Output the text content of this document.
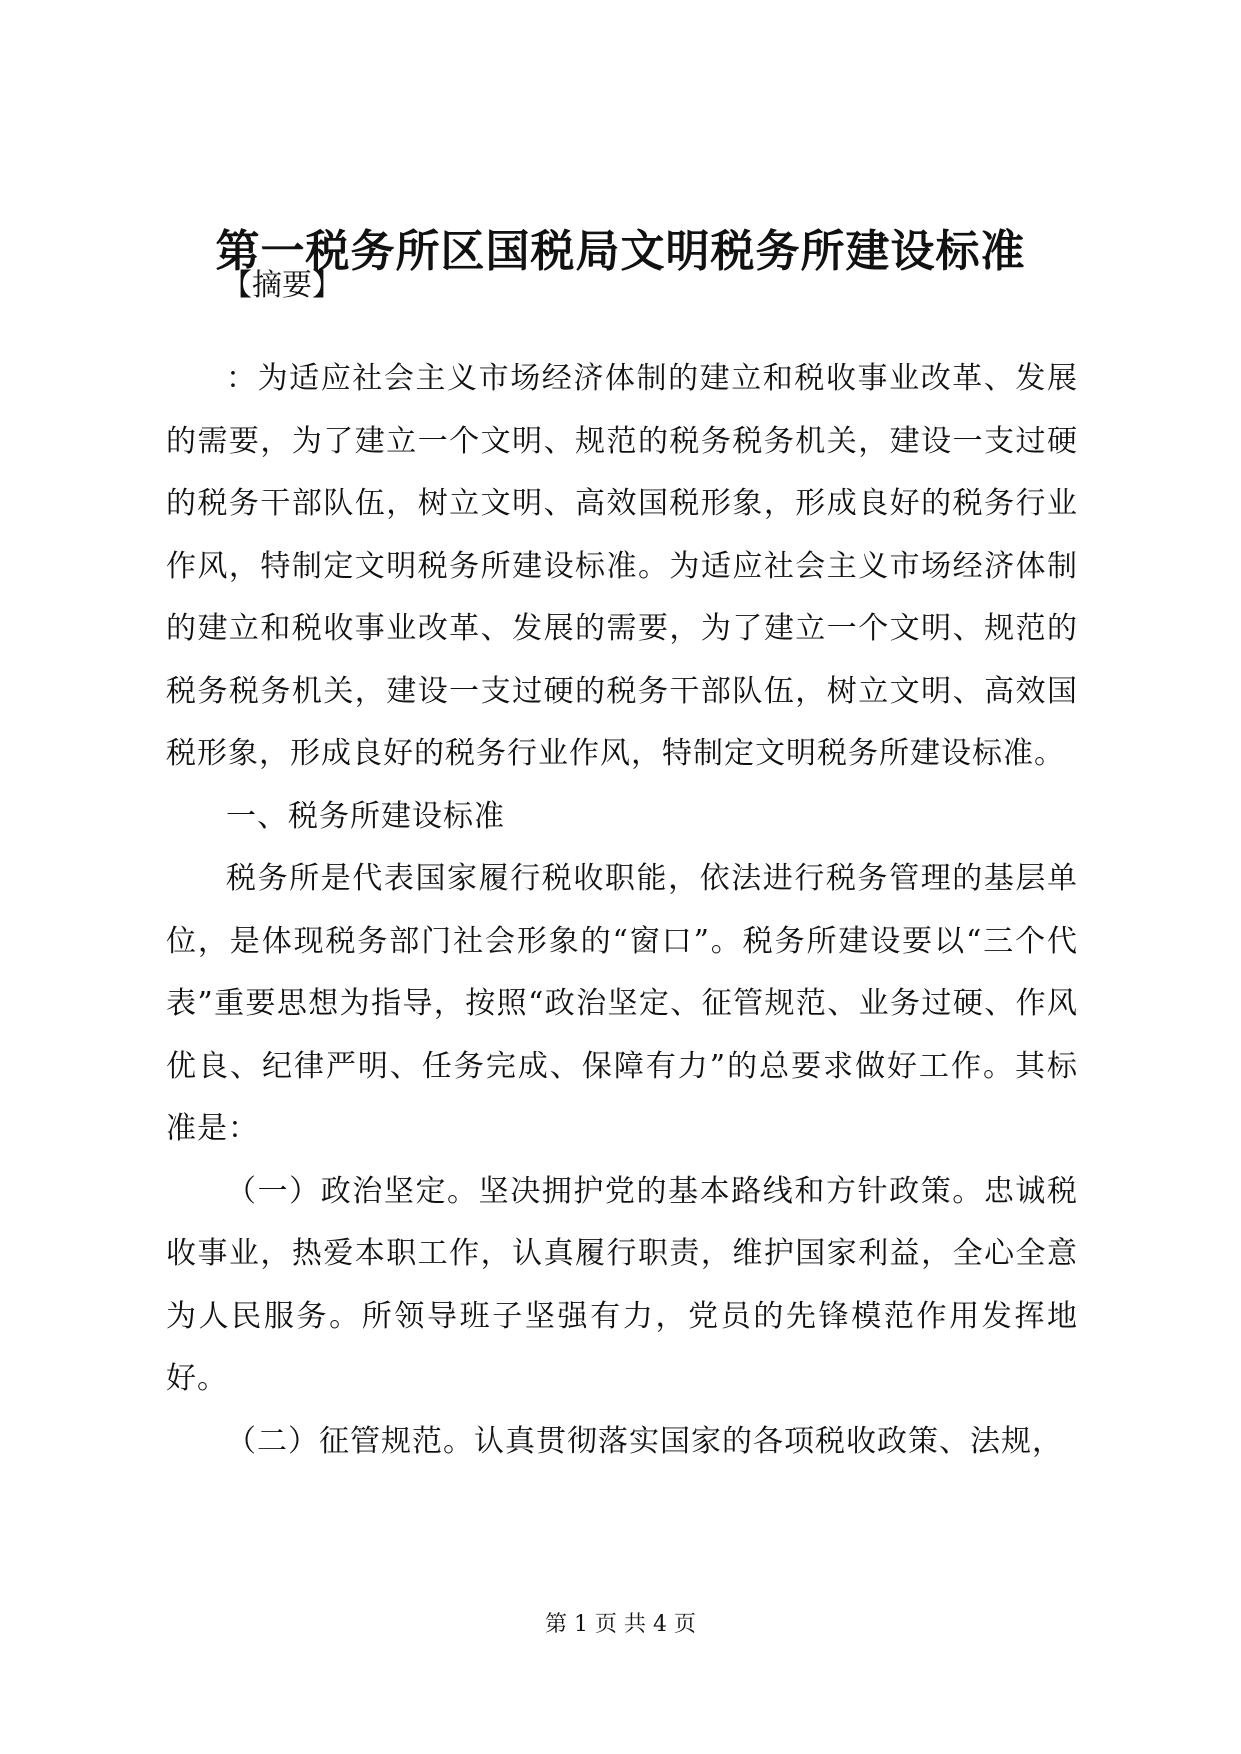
第一税务所区国税局文明税务所建设标准
【摘要】

：为适应社会主义市场经济体制的建立和税收事业改革、发展的需要，为了建立一个文明、规范的税务税务机关，建设一支过硬的税务干部队伍，树立文明、高效国税形象，形成良好的税务行业作风，特制定文明税务所建设标准。为适应社会主义市场经济体制的建立和税收事业改革、发展的需要，为了建立一个文明、规范的税务税务机关，建设一支过硬的税务干部队伍，树立文明、高效国税形象，形成良好的税务行业作风，特制定文明税务所建设标准。

一、税务所建设标准

税务所是代表国家履行税收职能，依法进行税务管理的基层单位，是体现税务部门社会形象的“窗口”。税务所建设要以“三个代表”重要思想为指导，按照“政治坚定、征管规范、业务过硬、作风优良、纪律严明、任务完成、保障有力”的总要求做好工作。其标准是：

（一）政治坚定。坚决拥护党的基本路线和方针政策。忠诚税收事业，热爱本职工作，认真履行职责，维护国家利益，全心全意为人民服务。所领导班子坚强有力，党员的先锋模范作用发挥地好。

（二）征管规范。认真贯彻落实国家的各项税收政策、法规，

第 1 页 共 4 页
